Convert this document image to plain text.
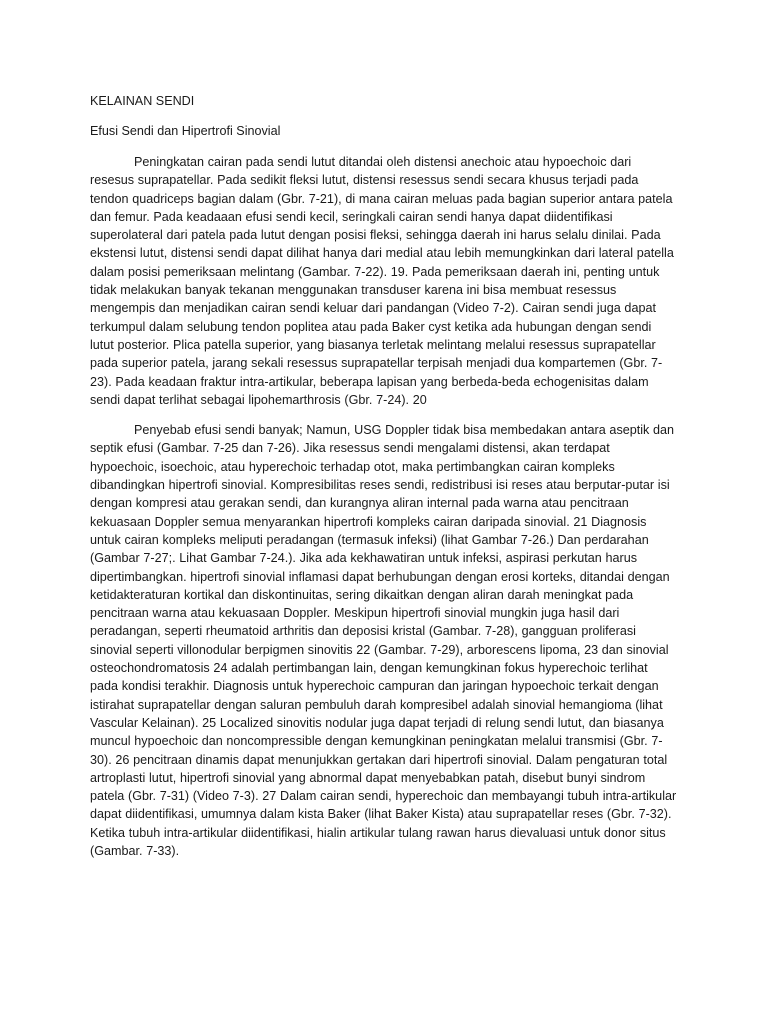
KELAINAN SENDI
Efusi Sendi dan Hipertrofi Sinovial

Peningkatan cairan pada sendi lutut ditandai oleh distensi anechoic atau hypoechoic dari resesus suprapatellar. Pada sedikit fleksi lutut, distensi resessus sendi secara khusus terjadi pada tendon quadriceps bagian dalam (Gbr. 7-21), di mana cairan meluas pada bagian superior antara patela dan femur. Pada keadaaan efusi sendi kecil, seringkali cairan sendi hanya dapat diidentifikasi superolateral dari patela pada lutut dengan posisi fleksi, sehingga daerah ini harus selalu dinilai. Pada ekstensi lutut, distensi sendi dapat dilihat hanya dari medial atau lebih memungkinkan dari lateral patella dalam posisi pemeriksaan melintang (Gambar. 7-22). 19. Pada pemeriksaan daerah ini, penting untuk tidak melakukan banyak tekanan menggunakan transduser karena ini bisa membuat resessus mengempis dan menjadikan cairan sendi keluar dari pandangan (Video 7-2). Cairan sendi juga dapat terkumpul dalam selubung tendon poplitea atau pada Baker cyst ketika ada hubungan dengan sendi lutut posterior. Plica patella superior, yang biasanya terletak melintang melalui resessus suprapatellar pada superior patela, jarang sekali resessus suprapatellar terpisah menjadi dua kompartemen (Gbr. 7-23). Pada keadaan fraktur intra-artikular, beberapa lapisan yang berbeda-beda echogenisitas dalam sendi dapat terlihat sebagai lipohemarthrosis (Gbr. 7-24). 20

Penyebab efusi sendi banyak; Namun, USG Doppler tidak bisa membedakan antara aseptik dan septik efusi (Gambar. 7-25 dan 7-26). Jika resessus sendi mengalami distensi, akan terdapat hypoechoic, isoechoic, atau hyperechoic terhadap otot, maka pertimbangkan cairan kompleks dibandingkan hipertrofi sinovial. Kompresibilitas reses sendi, redistribusi isi reses atau berputar-putar isi dengan kompresi atau gerakan sendi, dan kurangnya aliran internal pada warna atau pencitraan kekuasaan Doppler semua menyarankan hipertrofi kompleks cairan daripada sinovial. 21 Diagnosis untuk cairan kompleks meliputi peradangan (termasuk infeksi) (lihat Gambar 7-26.) Dan perdarahan (Gambar 7-27;. Lihat Gambar 7-24.). Jika ada kekhawatiran untuk infeksi, aspirasi perkutan harus dipertimbangkan. hipertrofi sinovial inflamasi dapat berhubungan dengan erosi korteks, ditandai dengan ketidakteraturan kortikal dan diskontinuitas, sering dikaitkan dengan aliran darah meningkat pada pencitraan warna atau kekuasaan Doppler. Meskipun hipertrofi sinovial mungkin juga hasil dari peradangan, seperti rheumatoid arthritis dan deposisi kristal (Gambar. 7-28), gangguan proliferasi sinovial seperti villonodular berpigmen sinovitis 22 (Gambar. 7-29), arborescens lipoma, 23 dan sinovial osteochondromatosis 24 adalah pertimbangan lain, dengan kemungkinan fokus hyperechoic terlihat pada kondisi terakhir. Diagnosis untuk hyperechoic campuran dan jaringan hypoechoic terkait dengan istirahat suprapatellar dengan saluran pembuluh darah kompresibel adalah sinovial hemangioma (lihat Vascular Kelainan). 25 Localized sinovitis nodular juga dapat terjadi di relung sendi lutut, dan biasanya muncul hypoechoic dan noncompressible dengan kemungkinan peningkatan melalui transmisi (Gbr. 7-30). 26 pencitraan dinamis dapat menunjukkan gertakan dari hipertrofi sinovial. Dalam pengaturan total artroplasti lutut, hipertrofi sinovial yang abnormal dapat menyebabkan patah, disebut bunyi sindrom patela (Gbr. 7-31) (Video 7-3). 27 Dalam cairan sendi, hyperechoic dan membayangi tubuh intra-artikular dapat diidentifikasi, umumnya dalam kista Baker (lihat Baker Kista) atau suprapatellar reses (Gbr. 7-32). Ketika tubuh intra-artikular diidentifikasi, hialin artikular tulang rawan harus dievaluasi untuk donor situs (Gambar. 7-33).
